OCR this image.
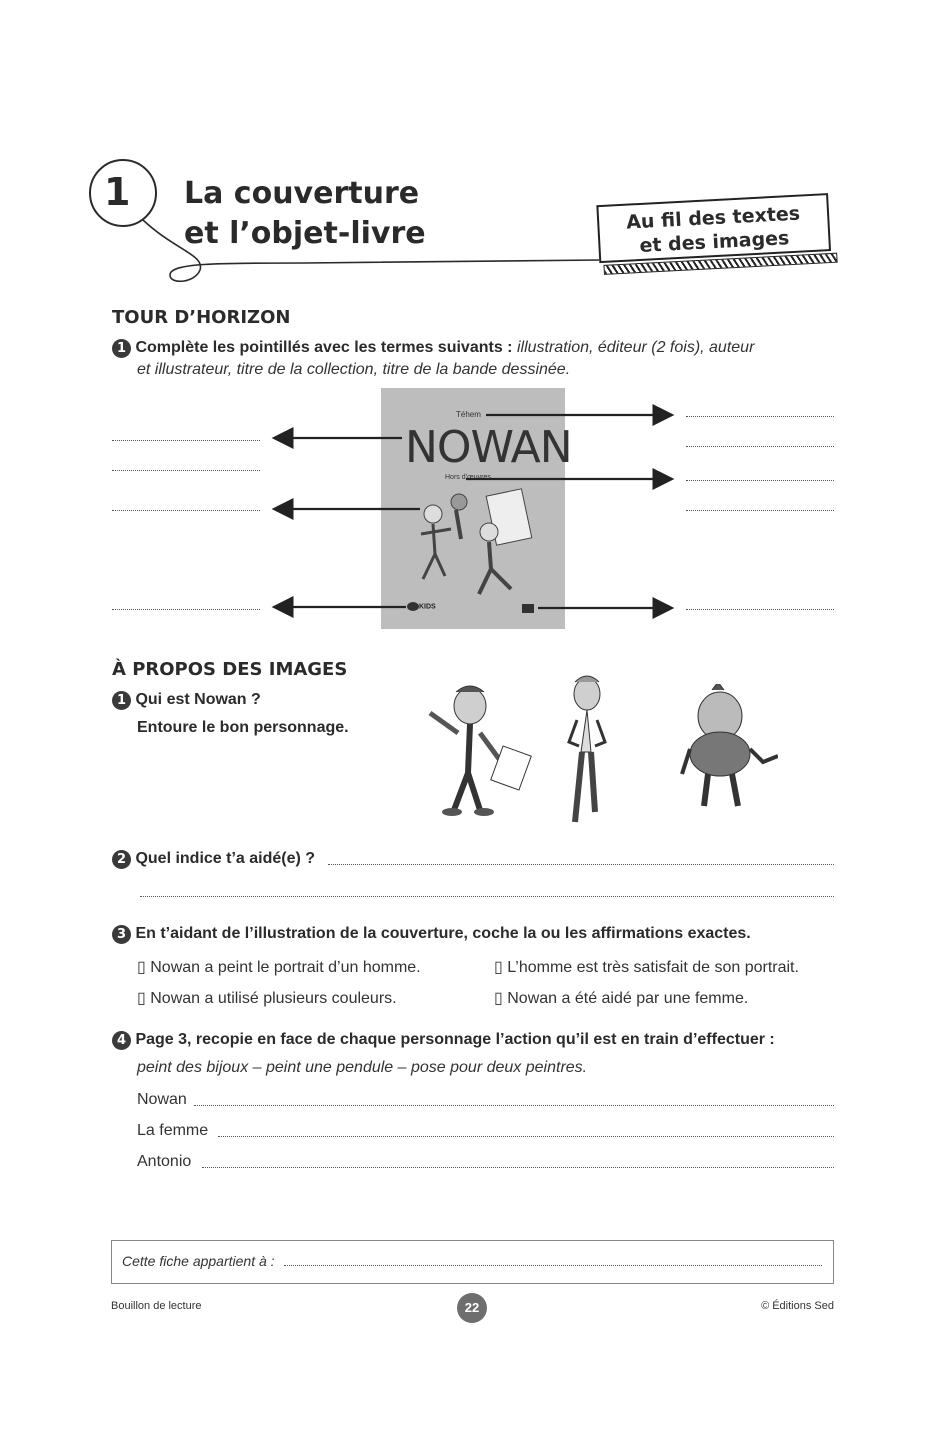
1 La couverture
et l’objet-livre	Au fil des textes
et des images
TOUR D’HORIZON
1 Complète les pointillés avec les termes suivants : illustration, éditeur (2 fois), auteur
et illustrateur, titre de la collection, titre de la bande dessinée.
Téhem
NOWAN
Hors d’œuvres
KIDS
À PROPOS DES IMAGES
1 Qui est Nowan ?
Entoure le bon personnage.
2 Quel indice t’a aidé(e) ?
3 En t’aidant de l’illustration de la couverture, coche la ou les affirmations exactes.
▯ Nowan a peint le portrait d’un homme.	▯ L’homme est très satisfait de son portrait.
▯ Nowan a utilisé plusieurs couleurs.	▯ Nowan a été aidé par une femme.
4 Page 3, recopie en face de chaque personnage l’action qu’il est en train d’effectuer :
peint des bijoux – peint une pendule – pose pour deux peintres.
Nowan
La femme
Antonio
Cette fiche appartient à :
Bouillon de lecture	22	© Éditions Sed
